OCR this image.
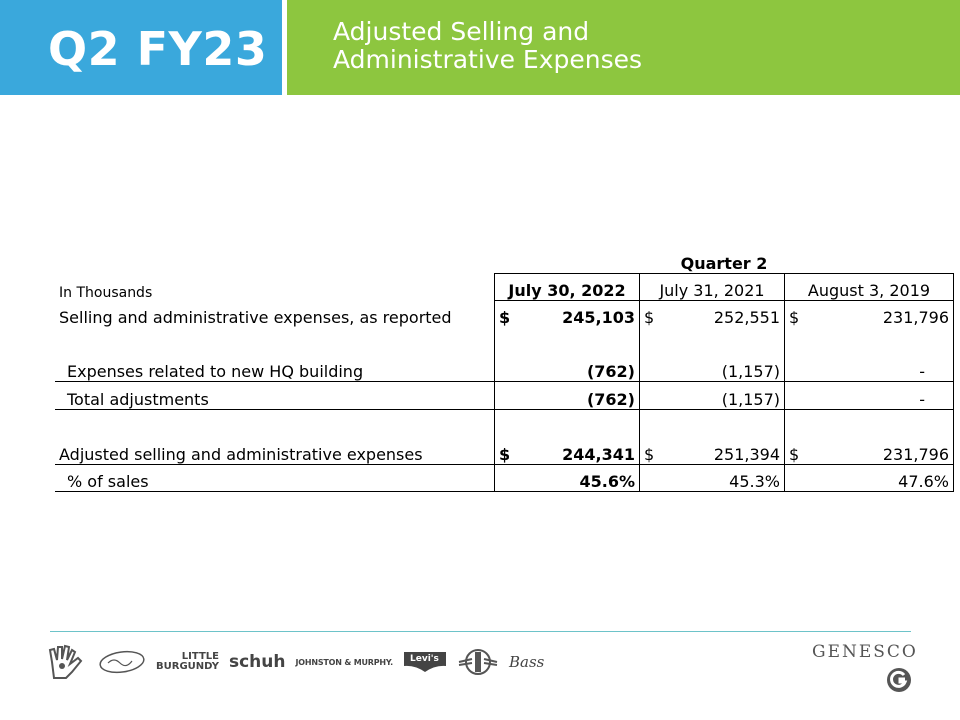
Q2 FY23	Adjusted Selling and
Administrative Expenses
	Quarter 2		
In Thousands	July 30, 2022	July 31, 2021	August 3, 2019
Selling and administrative expenses, as reported	$ 245,103	$ 252,551	$ 231,796

Expenses related to new HQ building	(762)	(1,157)	-
Total adjustments	(762)	(1,157)	-
Adjusted selling and administrative expenses	$ 244,341	$ 251,394	$ 231,796

% of sales	45.6%	45.3%	47.6%
LITTLE
BURGUNDY schuh JOHNSTON & MURPHY. Levi's	Bass	GENESCO
